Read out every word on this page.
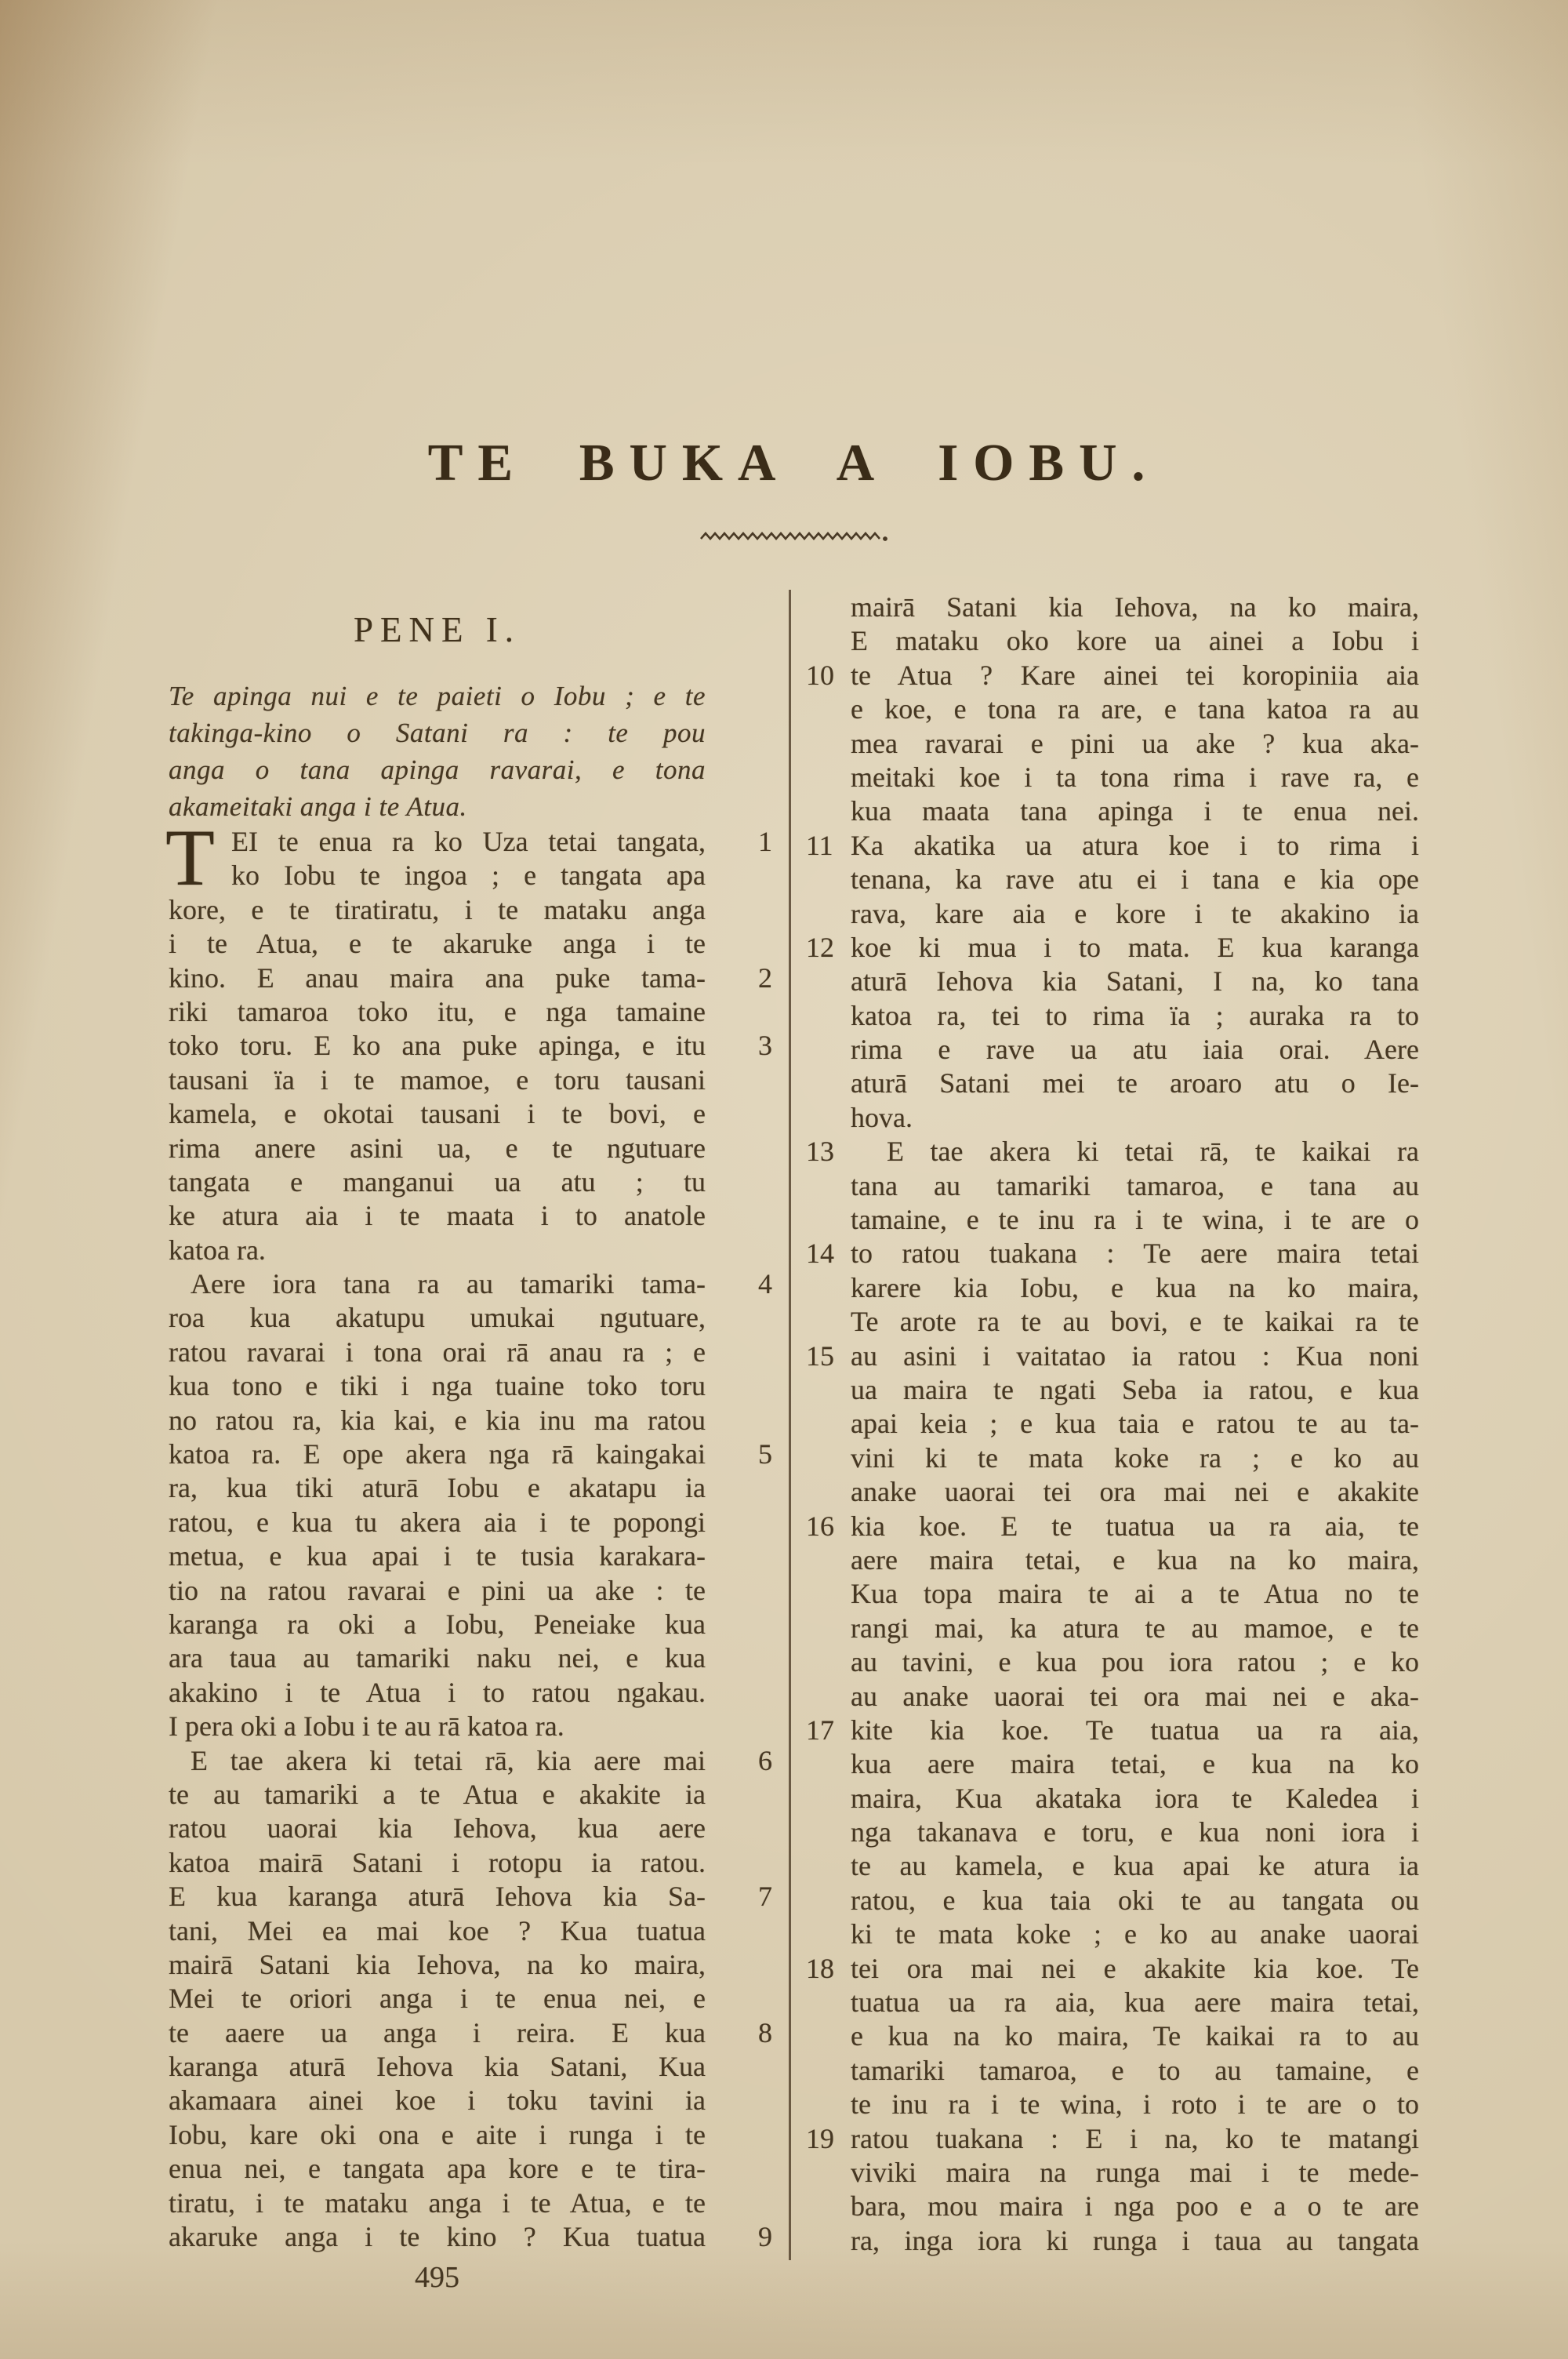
TE BUKA A IOBU.
PENE I.
Te apinga nui e te paieti o Iobu ; e te
takinga-kino o Satani ra : te pou
anga o tana apinga ravarai, e tona
akameitaki anga i te Atua.
T	1
EI te enua ra ko Uza tetai tangata,
ko Iobu te ingoa ; e tangata apa
kore, e te tiratiratu, i te mataku anga
i te Atua, e te akaruke anga i te
2
kino. E anau maira ana puke tama-
riki tamaroa toko itu, e nga tamaine
3
toko toru. E ko ana puke apinga, e itu
tausani ïa i te mamoe, e toru tausani
kamela, e okotai tausani i te bovi, e
rima anere asini ua, e te ngutuare
tangata e manganui ua atu ; tu
ke atura aia i te maata i to anatole
katoa ra.
4
Aere iora tana ra au tamariki tama-
roa kua akatupu umukai ngutuare,
ratou ravarai i tona orai rā anau ra ; e
kua tono e tiki i nga tuaine toko toru
no ratou ra, kia kai, e kia inu ma ratou
5
katoa ra. E ope akera nga rā kaingakai
ra, kua tiki aturā Iobu e akatapu ia
ratou, e kua tu akera aia i te popongi
metua, e kua apai i te tusia karakara-
tio na ratou ravarai e pini ua ake : te
karanga ra oki a Iobu, Peneiake kua
ara taua au tamariki naku nei, e kua
akakino i te Atua i to ratou ngakau.
I pera oki a Iobu i te au rā katoa ra.
6
E tae akera ki tetai rā, kia aere mai
te au tamariki a te Atua e akakite ia
ratou uaorai kia Iehova, kua aere
katoa mairā Satani i rotopu ia ratou.
7
E kua karanga aturā Iehova kia Sa-
tani, Mei ea mai koe ? Kua tuatua
mairā Satani kia Iehova, na ko maira,
Mei te oriori anga i te enua nei, e
8
te aaere ua anga i reira. E kua
karanga aturā Iehova kia Satani, Kua
akamaara ainei koe i toku tavini ia
Iobu, kare oki ona e aite i runga i te
enua nei, e tangata apa kore e te tira-
tiratu, i te mataku anga i te Atua, e te
9
akaruke anga i te kino ? Kua tuatua
mairā Satani kia Iehova, na ko maira,
E mataku oko kore ua ainei a Iobu i
10 te Atua ? Kare ainei tei koropiniia aia
e koe, e tona ra are, e tana katoa ra au
mea ravarai e pini ua ake ? kua aka-
meitaki koe i ta tona rima i rave ra, e
kua maata tana apinga i te enua nei.
11 Ka akatika ua atura koe i to rima i
tenana, ka rave atu ei i tana e kia ope
rava, kare aia e kore i te akakino ia
12 koe ki mua i to mata. E kua karanga
aturā Iehova kia Satani, I na, ko tana
katoa ra, tei to rima ïa ; auraka ra to
rima e rave ua atu iaia orai. Aere
aturā Satani mei te aroaro atu o Ie-
hova.
13	E tae akera ki tetai rā, te kaikai ra
tana au tamariki tamaroa, e tana au
tamaine, e te inu ra i te wina, i te are o
14 to ratou tuakana : Te aere maira tetai
karere kia Iobu, e kua na ko maira,
Te arote ra te au bovi, e te kaikai ra te
15 au asini i vaitatao ia ratou : Kua noni
ua maira te ngati Seba ia ratou, e kua
apai keia ; e kua taia e ratou te au ta-
vini ki te mata koke ra ; e ko au
anake uaorai tei ora mai nei e akakite
16 kia koe. E te tuatua ua ra aia, te
aere maira tetai, e kua na ko maira,
Kua topa maira te ai a te Atua no te
rangi mai, ka atura te au mamoe, e te
au tavini, e kua pou iora ratou ; e ko
au anake uaorai tei ora mai nei e aka-
17 kite kia koe. Te tuatua ua ra aia,
kua aere maira tetai, e kua na ko
maira, Kua akataka iora te Kaledea i
nga takanava e toru, e kua noni iora i
te au kamela, e kua apai ke atura ia
ratou, e kua taia oki te au tangata ou
ki te mata koke ; e ko au anake uaorai
18 tei ora mai nei e akakite kia koe. Te
tuatua ua ra aia, kua aere maira tetai,
e kua na ko maira, Te kaikai ra to au
tamariki tamaroa, e to au tamaine, e
te inu ra i te wina, i roto i te are o to
19 ratou tuakana : E i na, ko te matangi
viviki maira na runga mai i te mede-
bara, mou maira i nga poo e a o te are
ra, inga iora ki runga i taua au tangata
495
